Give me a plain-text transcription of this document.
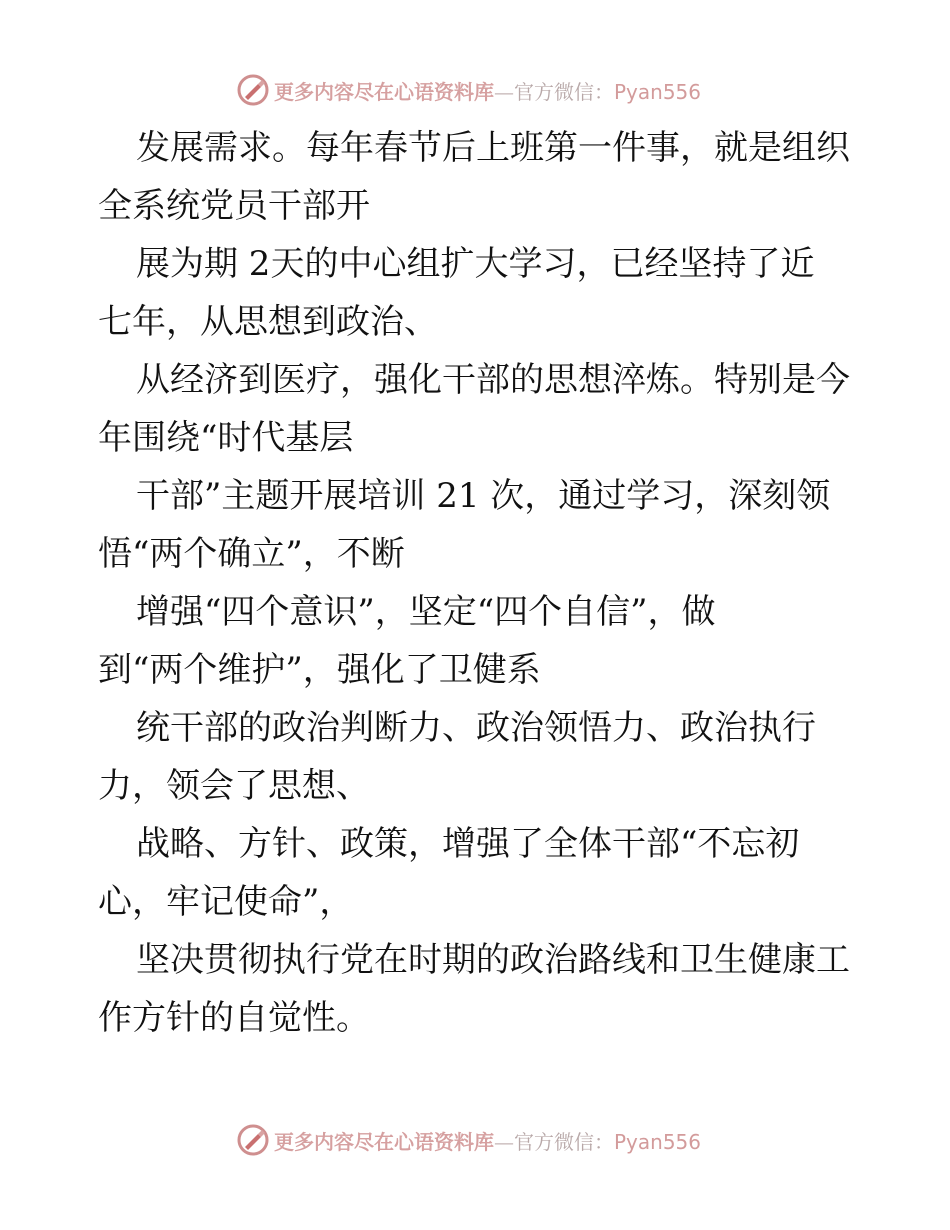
更多内容尽在心语资料库—官方微信：Pyan556
发展需求。每年春节后上班第一件事，就是组织
全系统党员干部开
展为期 2天的中心组扩大学习，已经坚持了近
七年，从思想到政治、
从经济到医疗，强化干部的思想淬炼。特别是今
年围绕“时代基层
干部”主题开展培训 21 次，通过学习，深刻领
悟“两个确立”，不断
增强“四个意识”，坚定“四个自信”，做
到“两个维护”，强化了卫健系
统干部的政治判断力、政治领悟力、政治执行
力，领会了思想、
战略、方针、政策，增强了全体干部“不忘初
心，牢记使命”，
坚决贯彻执行党在时期的政治路线和卫生健康工
作方针的自觉性。
更多内容尽在心语资料库—官方微信：Pyan556
